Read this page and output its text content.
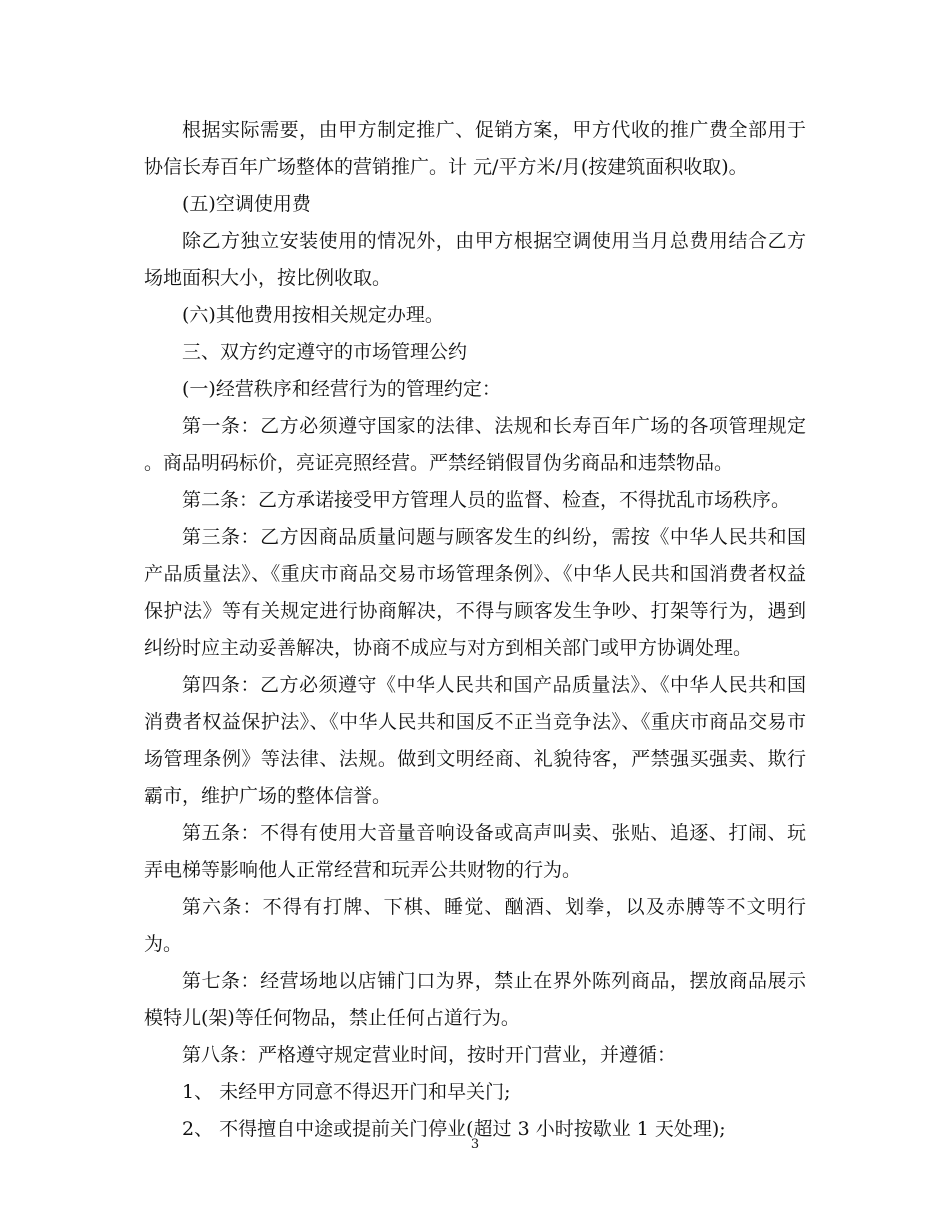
根据实际需要，由甲方制定推广、促销方案，甲方代收的推广费全部用于协信长寿百年广场整体的营销推广。计 元/平方米/月(按建筑面积收取)。

(五)空调使用费

除乙方独立安装使用的情况外，由甲方根据空调使用当月总费用结合乙方场地面积大小，按比例收取。

(六)其他费用按相关规定办理。

三、双方约定遵守的市场管理公约

(一)经营秩序和经营行为的管理约定：

第一条：乙方必须遵守国家的法律、法规和长寿百年广场的各项管理规定 。商品明码标价，亮证亮照经营。严禁经销假冒伪劣商品和违禁物品。

第二条：乙方承诺接受甲方管理人员的监督、检查，不得扰乱市场秩序。

第三条：乙方因商品质量问题与顾客发生的纠纷，需按《中华人民共和国产品质量法》、《重庆市商品交易市场管理条例》、《中华人民共和国消费者权益保护法》等有关规定进行协商解决，不得与顾客发生争吵、打架等行为，遇到纠纷时应主动妥善解决，协商不成应与对方到相关部门或甲方协调处理。

第四条：乙方必须遵守《中华人民共和国产品质量法》、《中华人民共和国消费者权益保护法》、《中华人民共和国反不正当竞争法》、《重庆市商品交易市场管理条例》等法律、法规。做到文明经商、礼貌待客，严禁强买强卖、欺行霸市，维护广场的整体信誉。

第五条：不得有使用大音量音响设备或高声叫卖、张贴、追逐、打闹、玩弄电梯等影响他人正常经营和玩弄公共财物的行为。

第六条：不得有打牌、下棋、睡觉、酗酒、划拳，以及赤膊等不文明行为。

第七条：经营场地以店铺门口为界，禁止在界外陈列商品，摆放商品展示模特儿(架)等任何物品，禁止任何占道行为。

第八条：严格遵守规定营业时间，按时开门营业，并遵循：

1、 未经甲方同意不得迟开门和早关门;

2、 不得擅自中途或提前关门停业(超过 3 小时按歇业 1 天处理);

3
